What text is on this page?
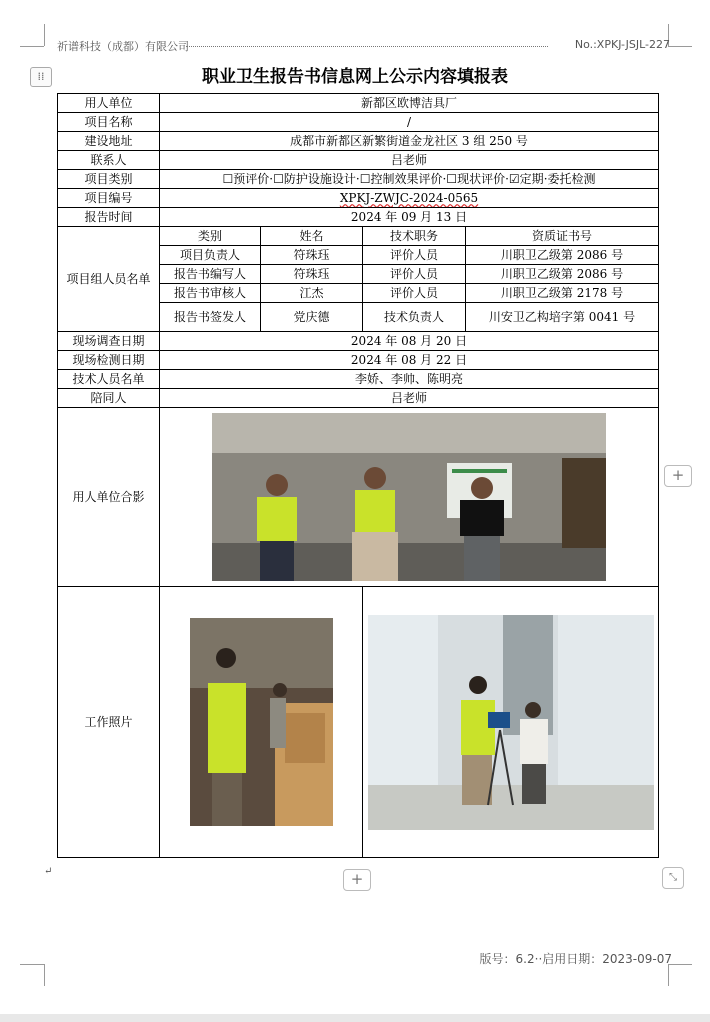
祈谱科技（成都）有限公司	No.:XPKJ-JSJL-227
⁞⁞	职业卫生报告书信息网上公示内容填报表
用人单位	新都区欧博洁具厂			
项目名称	/			
建设地址	成都市新都区新繁街道金龙社区 3 组 250 号			
联系人	吕老师			
项目类别	☐预评价·☐防护设施设计·☐控制效果评价·☐现状评价·☑定期·委托检测			
项目编号	XPKJ-ZWJC-2024-0565			
报告时间	2024 年 09 月 13 日			
项目组人员名单	类别	姓名	技术职务	资质证书号
	项目负责人	符珠珏	评价人员	川职卫乙级第 2086 号
	报告书编写人	符珠珏	评价人员	川职卫乙级第 2086 号
	报告书审核人	江杰	评价人员	川职卫乙级第 2178 号
	报告书签发人	党庆德	技术负责人	川安卫乙构培字第 0041 号
现场调查日期	2024 年 08 月 20 日			
现场检测日期	2024 年 08 月 22 日			
技术人员名单	李娇、李帅、陈明亮			
陪同人	吕老师			
用人单位合影	

工作照片	

+
+	⤡
↵
版号：6.2··启用日期：2023-09-07
